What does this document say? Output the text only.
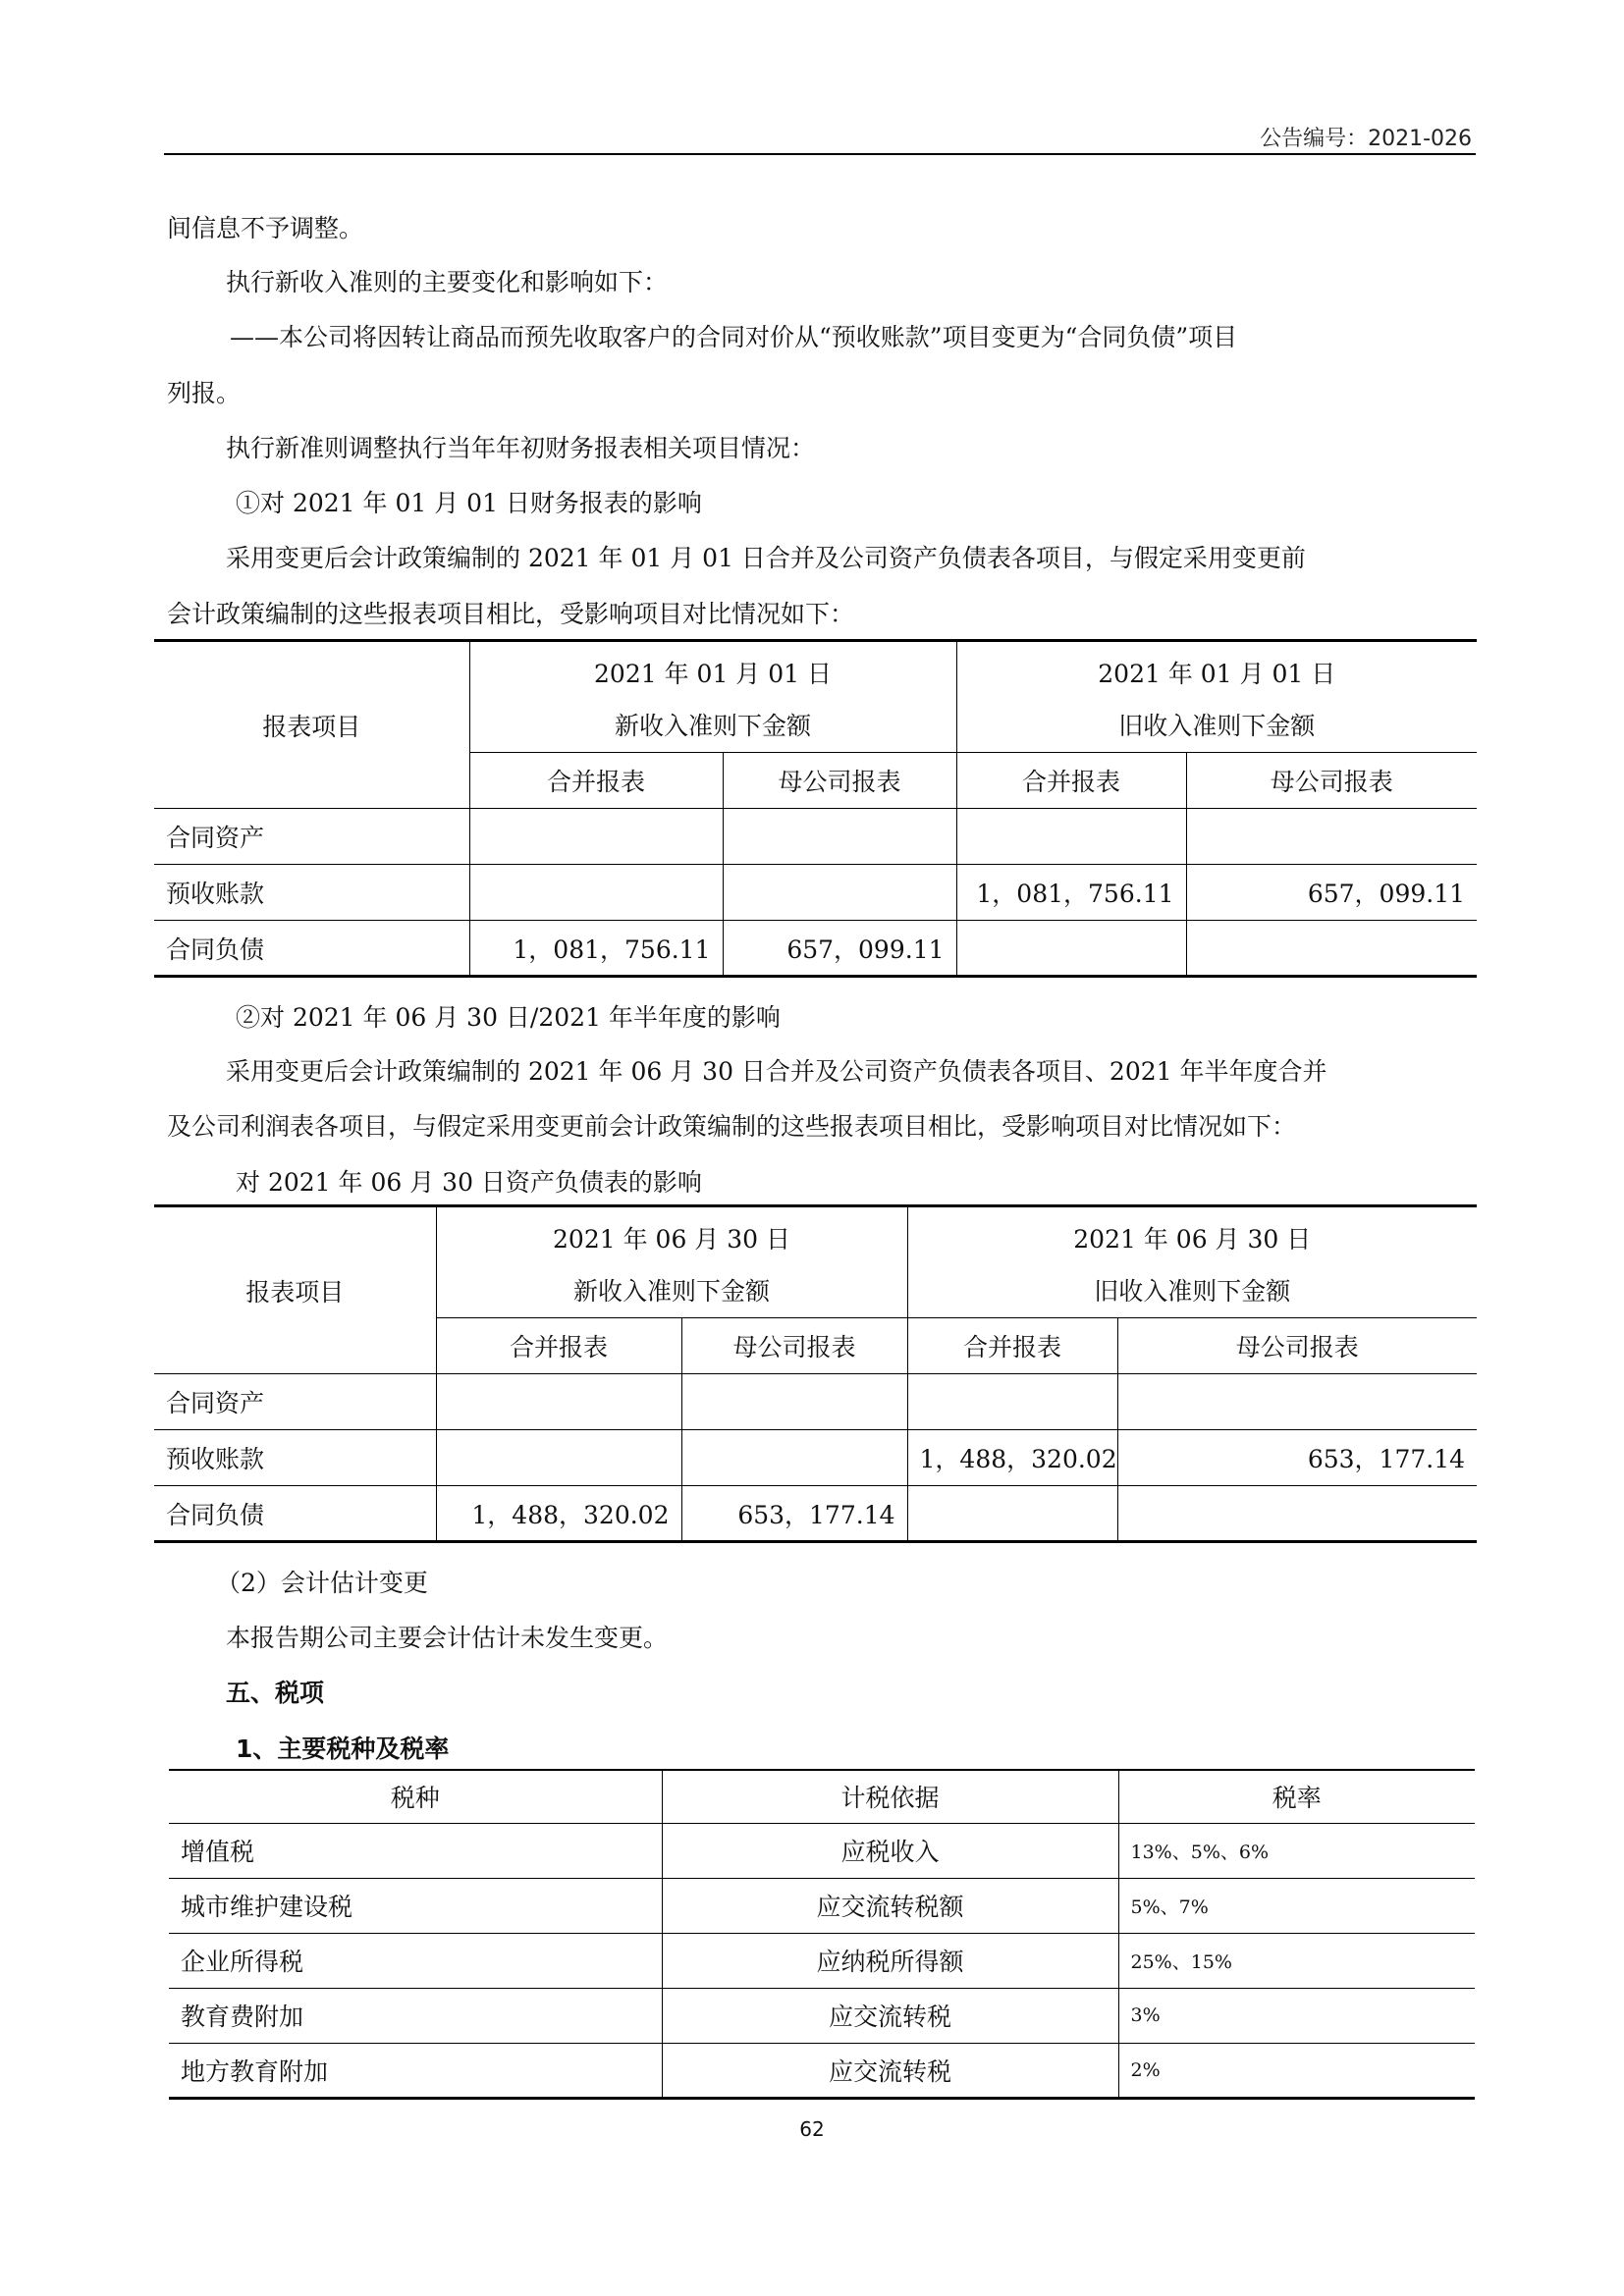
公告编号：2021-026
间信息不予调整。
执行新收入准则的主要变化和影响如下：
——本公司将因转让商品而预先收取客户的合同对价从“预收账款”项目变更为“合同负债”项目
列报。
执行新准则调整执行当年年初财务报表相关项目情况：
①对 2021 年 01 月 01 日财务报表的影响
采用变更后会计政策编制的 2021 年 01 月 01 日合并及公司资产负债表各项目，与假定采用变更前
会计政策编制的这些报表项目相比，受影响项目对比情况如下：
报表项目	2021 年 01 月 01 日		2021 年 01 月 01 日	
	新收入准则下金额		旧收入准则下金额	
	合并报表	母公司报表	合并报表	母公司报表
合同资产				
预收账款			1，081，756.11	657，099.11
合同负债	1，081，756.11	657，099.11		
②对 2021 年 06 月 30 日/2021 年半年度的影响
采用变更后会计政策编制的 2021 年 06 月 30 日合并及公司资产负债表各项目、2021 年半年度合并
及公司利润表各项目，与假定采用变更前会计政策编制的这些报表项目相比，受影响项目对比情况如下：
对 2021 年 06 月 30 日资产负债表的影响
报表项目	2021 年 06 月 30 日		2021 年 06 月 30 日	
	新收入准则下金额		旧收入准则下金额	
	合并报表	母公司报表	合并报表	母公司报表
合同资产				
预收账款			1，488，320.02	653，177.14
合同负债	1，488，320.02	653，177.14		
（2）会计估计变更
本报告期公司主要会计估计未发生变更。
五、税项
1、主要税种及税率
税种	计税依据	税率
增值税	应税收入	13%、5%、6%
城市维护建设税	应交流转税额	5%、7%
企业所得税	应纳税所得额	25%、15%
教育费附加	应交流转税	3%
地方教育附加	应交流转税	2%
62
